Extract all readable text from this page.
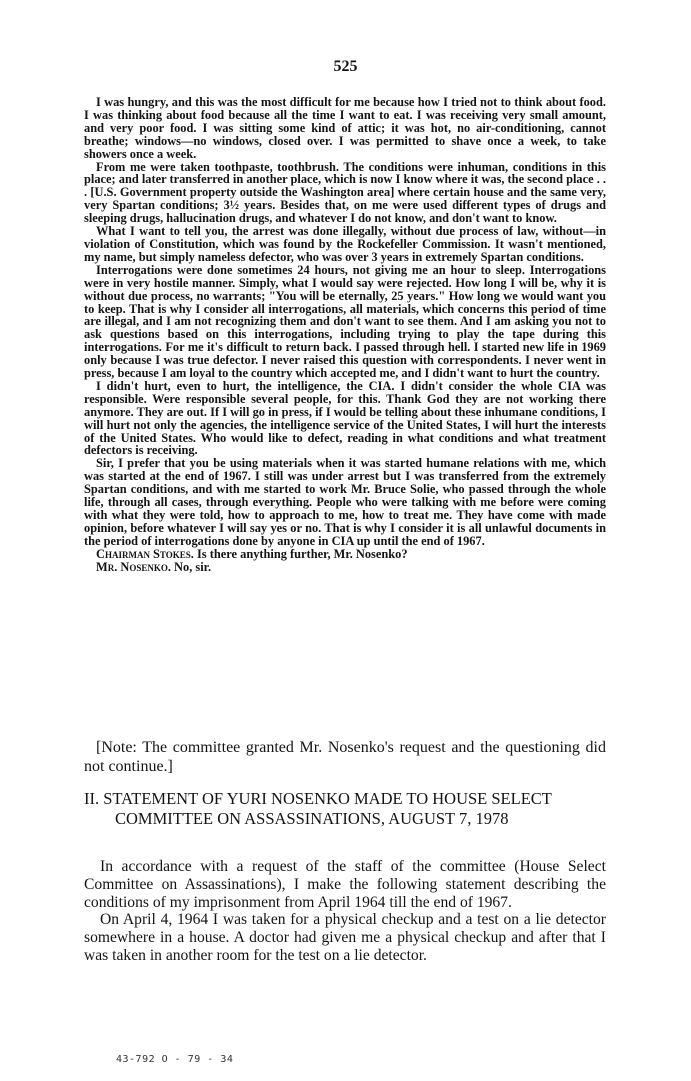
525

I was hungry, and this was the most difficult for me because how I tried not to think about food. I was thinking about food because all the time I want to eat. I was receiving very small amount, and very poor food. I was sitting some kind of attic; it was hot, no air-conditioning, cannot breathe; windows—no windows, closed over. I was permitted to shave once a week, to take showers once a week.

From me were taken toothpaste, toothbrush. The conditions were inhuman, conditions in this place; and later transferred in another place, which is now I know where it was, the second place . . . [U.S. Government property outside the Washington area] where certain house and the same very, very Spartan conditions; 3½ years. Besides that, on me were used different types of drugs and sleeping drugs, hallucination drugs, and whatever I do not know, and don't want to know.

What I want to tell you, the arrest was done illegally, without due process of law, without—in violation of Constitution, which was found by the Rockefeller Commission. It wasn't mentioned, my name, but simply nameless defector, who was over 3 years in extremely Spartan conditions.

Interrogations were done sometimes 24 hours, not giving me an hour to sleep. Interrogations were in very hostile manner. Simply, what I would say were rejected. How long I will be, why it is without due process, no warrants; "You will be eternally, 25 years." How long we would want you to keep. That is why I consider all interrogations, all materials, which concerns this period of time are illegal, and I am not recognizing them and don't want to see them. And I am asking you not to ask questions based on this interrogations, including trying to play the tape during this interrogations. For me it's difficult to return back. I passed through hell. I started new life in 1969 only because I was true defector. I never raised this question with correspondents. I never went in press, because I am loyal to the country which accepted me, and I didn't want to hurt the country.

I didn't hurt, even to hurt, the intelligence, the CIA. I didn't consider the whole CIA was responsible. Were responsible several people, for this. Thank God they are not working there anymore. They are out. If I will go in press, if I would be telling about these inhumane conditions, I will hurt not only the agencies, the intelligence service of the United States, I will hurt the interests of the United States. Who would like to defect, reading in what conditions and what treatment defectors is receiving.

Sir, I prefer that you be using materials when it was started humane relations with me, which was started at the end of 1967. I still was under arrest but I was transferred from the extremely Spartan conditions, and with me started to work Mr. Bruce Solie, who passed through the whole life, through all cases, through everything. People who were talking with me before were coming with what they were told, how to approach to me, how to treat me. They have come with made opinion, before whatever I will say yes or no. That is why I consider it is all unlawful documents in the period of interrogations done by anyone in CIA up until the end of 1967.

Chairman Stokes. Is there anything further, Mr. Nosenko?

Mr. Nosenko. No, sir.

[Note: The committee granted Mr. Nosenko's request and the questioning did not continue.]
II. STATEMENT OF YURI NOSENKO MADE TO HOUSE SELECT COMMITTEE ON ASSASSINATIONS, AUGUST 7, 1978

In accordance with a request of the staff of the committee (House Select Committee on Assassinations), I make the following statement describing the conditions of my imprisonment from April 1964 till the end of 1967.

On April 4, 1964 I was taken for a physical checkup and a test on a lie detector somewhere in a house. A doctor had given me a physical checkup and after that I was taken in another room for the test on a lie detector.

43-792 O - 79 - 34
